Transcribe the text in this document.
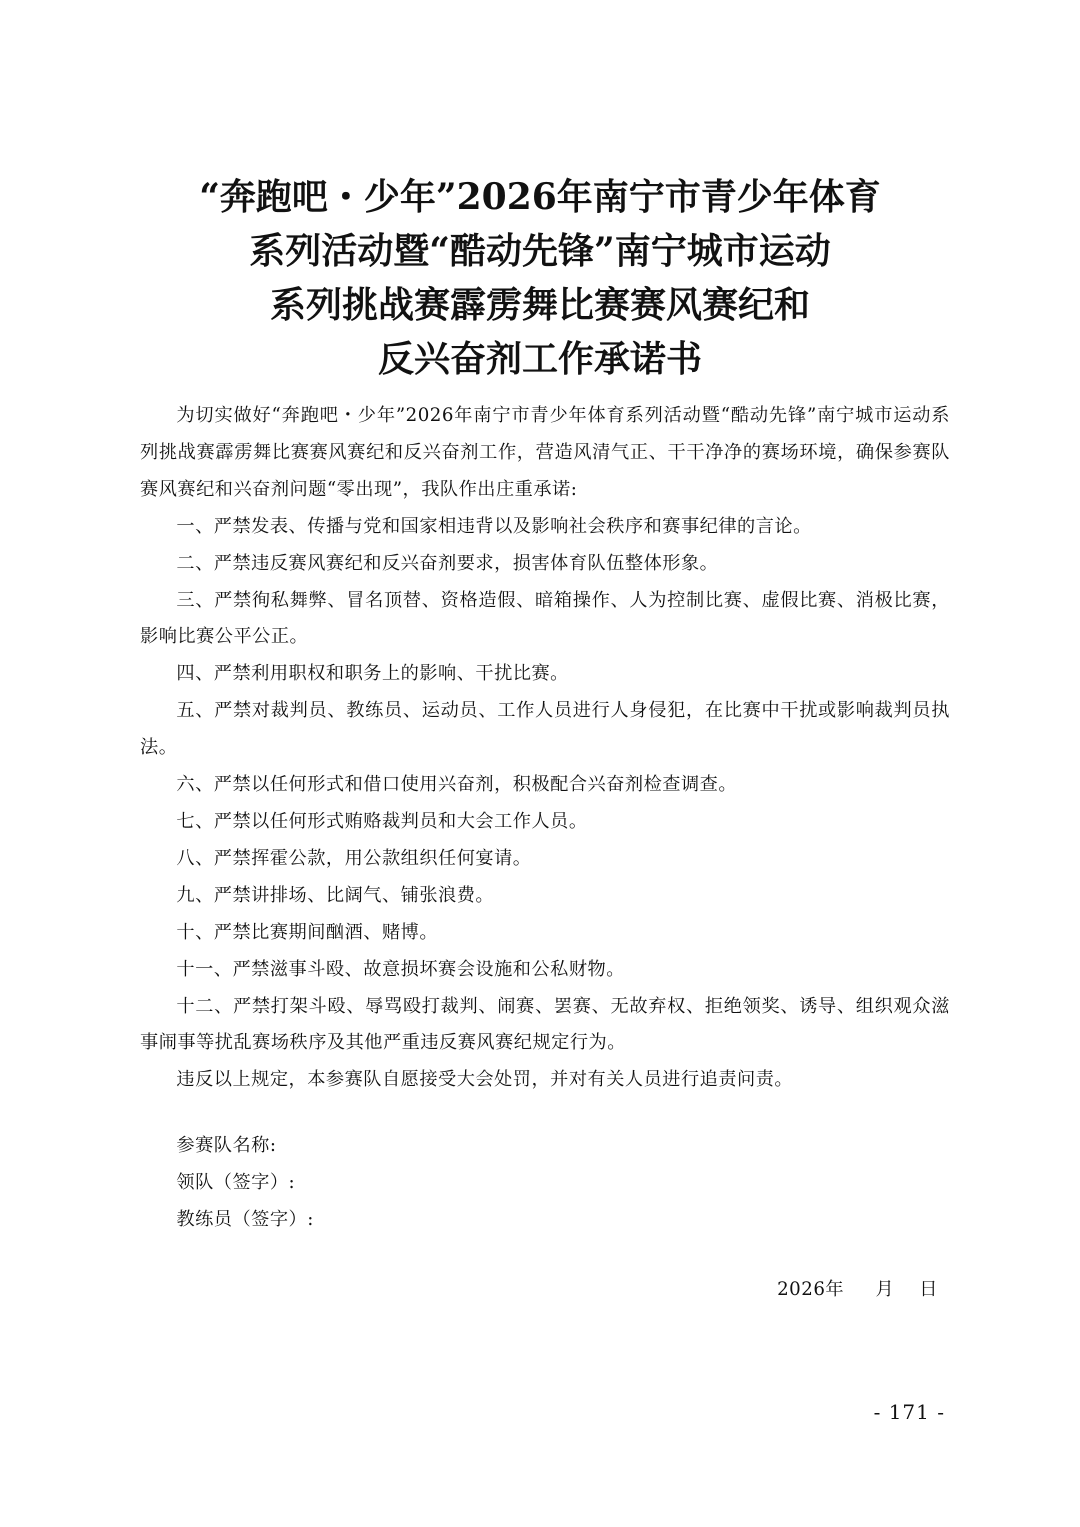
“奔跑吧・少年”2026年南宁市青少年体育
系列活动暨“酷动先锋”南宁城市运动
系列挑战赛霹雳舞比赛赛风赛纪和
反兴奋剂工作承诺书

为切实做好“奔跑吧・少年”2026年南宁市青少年体育系列活动暨“酷动先锋”南宁城市运动系列挑战赛霹雳舞比赛赛风赛纪和反兴奋剂工作，营造风清气正、干干净净的赛场环境，确保参赛队赛风赛纪和兴奋剂问题“零出现”，我队作出庄重承诺:

一、严禁发表、传播与党和国家相违背以及影响社会秩序和赛事纪律的言论。

二、严禁违反赛风赛纪和反兴奋剂要求，损害体育队伍整体形象。

三、严禁徇私舞弊、冒名顶替、资格造假、暗箱操作、人为控制比赛、虚假比赛、消极比赛，影响比赛公平公正。

四、严禁利用职权和职务上的影响、干扰比赛。

五、严禁对裁判员、教练员、运动员、工作人员进行人身侵犯，在比赛中干扰或影响裁判员执法。

六、严禁以任何形式和借口使用兴奋剂，积极配合兴奋剂检查调查。

七、严禁以任何形式贿赂裁判员和大会工作人员。

八、严禁挥霍公款，用公款组织任何宴请。

九、严禁讲排场、比阔气、铺张浪费。

十、严禁比赛期间酗酒、赌博。

十一、严禁滋事斗殴、故意损坏赛会设施和公私财物。

十二、严禁打架斗殴、辱骂殴打裁判、闹赛、罢赛、无故弃权、拒绝领奖、诱导、组织观众滋事闹事等扰乱赛场秩序及其他严重违反赛风赛纪规定行为。

违反以上规定，本参赛队自愿接受大会处罚，并对有关人员进行追责问责。

参赛队名称:

领队（签字）:

教练员（签字）:

2026年     月    日
- 171 -
